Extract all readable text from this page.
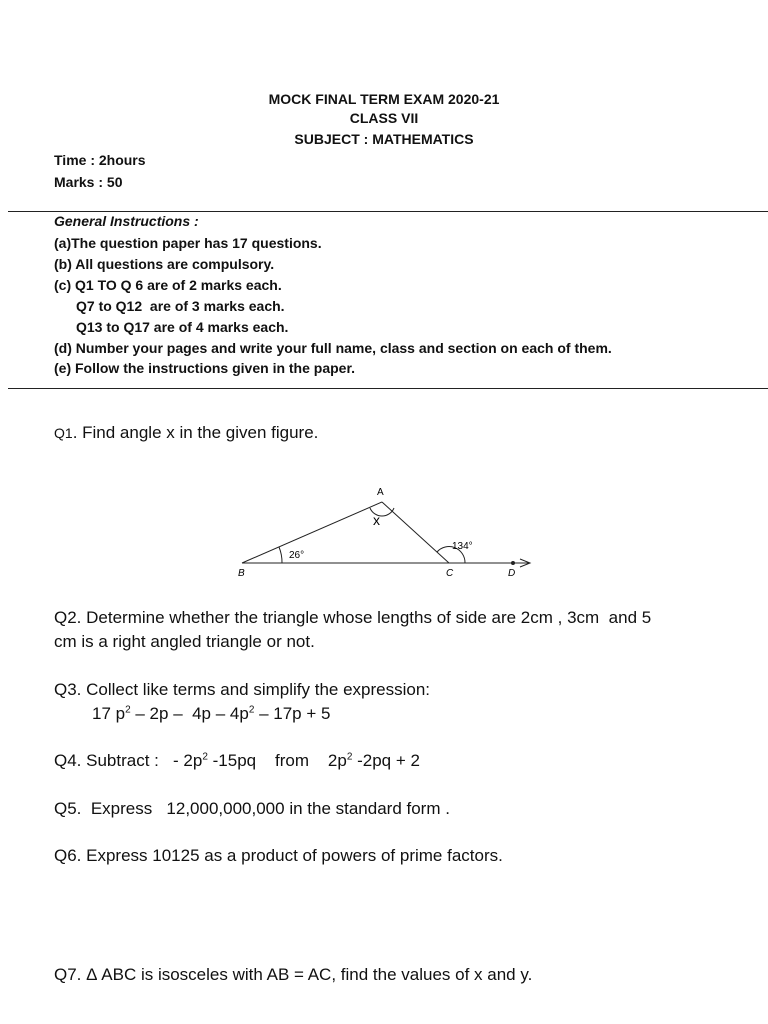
MOCK FINAL TERM EXAM 2020-21
CLASS VII
SUBJECT : MATHEMATICS
Time : 2hours
Marks : 50
General Instructions :
(a)The question paper has 17 questions.
(b) All questions are compulsory.
(c) Q1 TO Q 6 are of 2 marks each.
Q7 to Q12  are of 3 marks each.
Q13 to Q17 are of 4 marks each.
(d) Number your pages and write your full name, class and section on each of them.
(e) Follow the instructions given in the paper.
Q1. Find angle x in the given figure.
A
B	C	D
x
26°
134°
Q2. Determine whether the triangle whose lengths of side are 2cm , 3cm  and 5
cm is a right angled triangle or not.
Q3. Collect like terms and simplify the expression:
17 $p^2 - 2p - 4p - 4p^2 - 17p + 5$
Q4. Subtract :   - $2p^2$ -15pq    from    $2p^2$ -2pq + 2
Q5.  Express   12,000,000,000 in the standard form .
Q6. Express 10125 as a product of powers of prime factors.
Q7. Δ ABC is isosceles with AB = AC, find the values of x and y.
